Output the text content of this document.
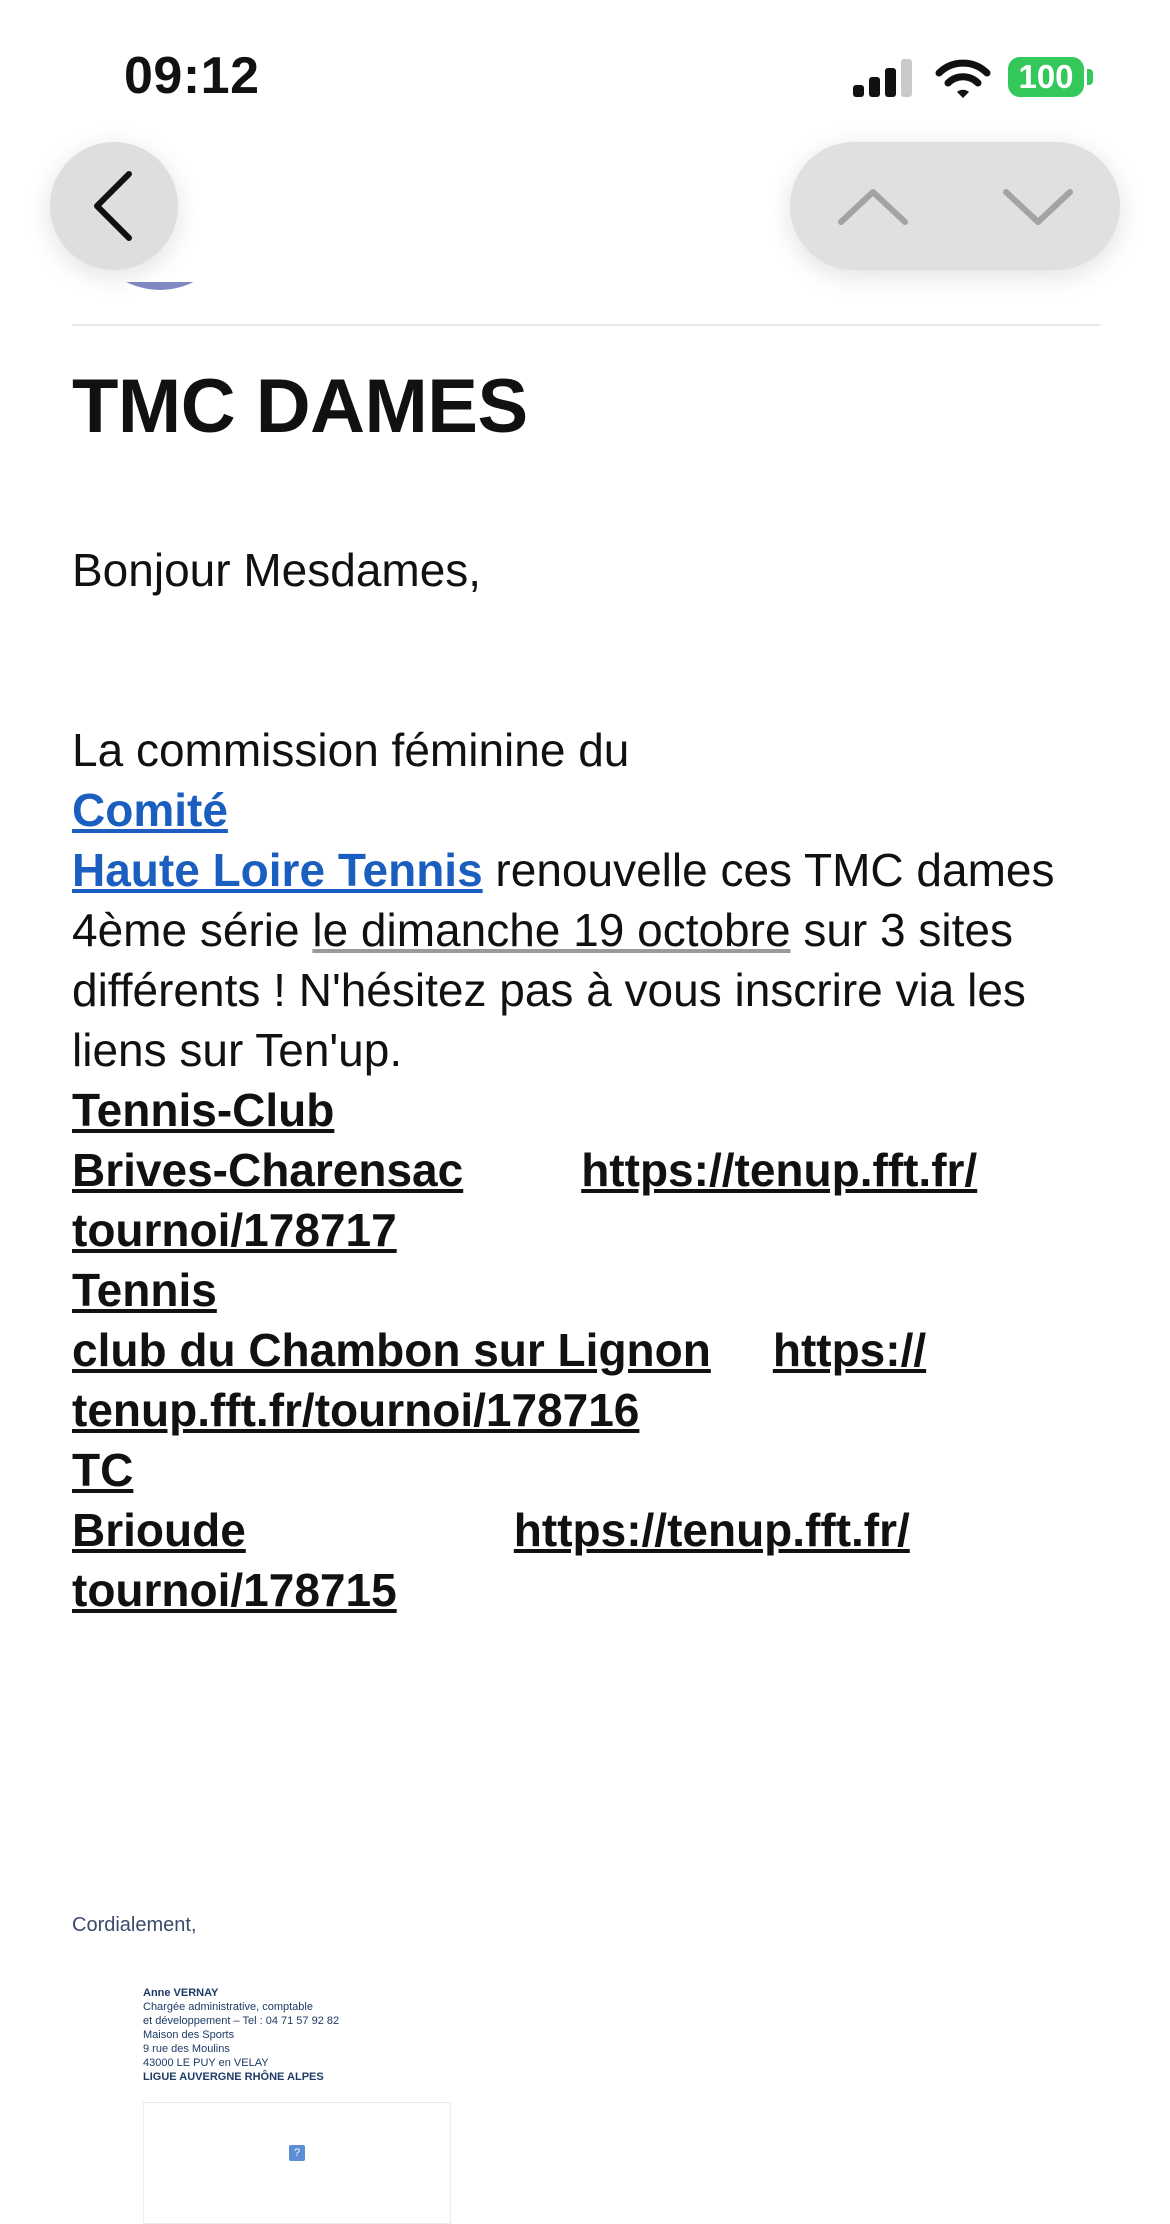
09:12	100
TMC DAMES

Bonjour Mesdames,

La commission féminine du
Comité
Haute Loire Tennis renouvelle ces TMC dames 4ème série le dimanche 19 octobre sur 3 sites différents ! N'hésitez pas à vous inscrire via les liens sur Ten'up.

Tennis-Club
Brives-Charensac	https://tenup.fft.fr/
tournoi/178717

Tennis
club du Chambon sur Lignon https://
tenup.fft.fr/tournoi/178716

TC
Brioude	https://tenup.fft.fr/
tournoi/178715

Cordialement,
Anne VERNAY
Chargée administrative, comptable
et développement – Tel : 04 71 57 92 82
Maison des Sports
9 rue des Moulins
43000 LE PUY en VELAY
LIGUE AUVERGNE RHÔNE ALPES
?
